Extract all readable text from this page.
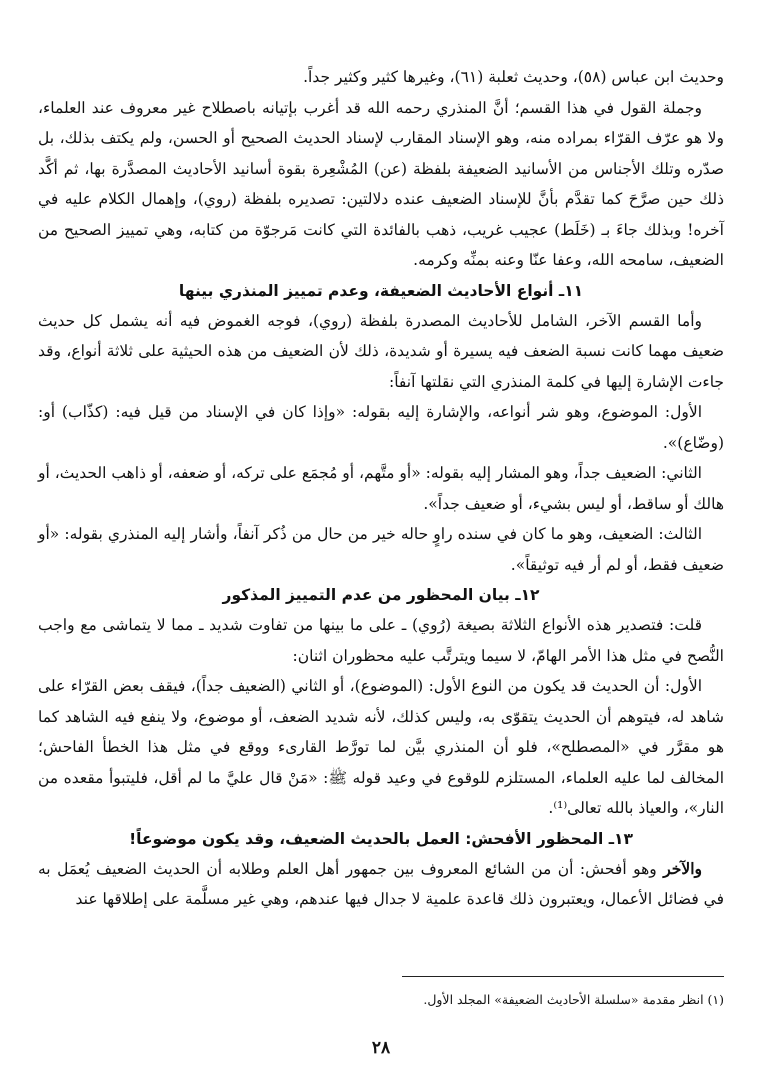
وحديث ابن عباس (٥٨)، وحديث ثعلبة (٦١)، وغيرها كثير وكثير جداً.

وجملة القول في هذا القسم؛ أنَّ المنذري رحمه الله قد أغرب بإتيانه باصطلاح غير معروف عند العلماء، ولا هو عرّف القرّاء بمراده منه، وهو الإسناد المقارب لإسناد الحديث الصحيح أو الحسن، ولم يكتف بذلك، بل صدّره وتلك الأجناس من الأسانيد الضعيفة بلفظة (عن) المُشْعِرة بقوة أسانيد الأحاديث المصدَّرة بها، ثم أكَّد ذلك حين صرَّحَ كما تقدَّم بأنَّ للإسناد الضعيف عنده دلالتين: تصديره بلفظة (روي)، وإهمال الكلام عليه في آخره! وبذلك جاءَ بـ (خَلَط) عجيب غريب، ذهب بالفائدة التي كانت مَرجوّة من كتابه، وهي تمييز الصحيح من الضعيف، سامحه الله، وعفا عنّا وعنه بمنِّه وكرمه.

١١ـ أنواع الأحاديث الضعيفة، وعدم تمييز المنذري بينها

وأما القسم الآخر، الشامل للأحاديث المصدرة بلفظة (روي)، فوجه الغموض فيه أنه يشمل كل حديث ضعيف مهما كانت نسبة الضعف فيه يسيرة أو شديدة، ذلك لأن الضعيف من هذه الحيثية على ثلاثة أنواع، وقد جاءت الإشارة إليها في كلمة المنذري التي نقلتها آنفاً:

الأول: الموضوع، وهو شر أنواعه، والإشارة إليه بقوله: «وإذا كان في الإسناد من قيل فيه: (كذّاب) أو: (وضّاع)».

الثاني: الضعيف جداً، وهو المشار إليه بقوله: «أو متَّهم، أو مُجمَع على تركه، أو ضعفه، أو ذاهب الحديث، أو هالك أو ساقط، أو ليس بشيء، أو ضعيف جداً».

الثالث: الضعيف، وهو ما كان في سنده راوٍ حاله خير من حال من ذُكر آنفاً، وأشار إليه المنذري بقوله: «أو ضعيف فقط، أو لم أر فيه توثيقاً».

١٢ـ بيان المحظور من عدم التمييز المذكور

قلت: فتصدير هذه الأنواع الثلاثة بصيغة (رُوي) ـ على ما بينها من تفاوت شديد ـ مما لا يتماشى مع واجب النُّصح في مثل هذا الأمر الهامّ، لا سيما ويترتَّب عليه محظوران اثنان:

الأول: أن الحديث قد يكون من النوع الأول: (الموضوع)، أو الثاني (الضعيف جداً)، فيقف بعض القرّاء على شاهد له، فيتوهم أن الحديث يتقوّى به، وليس كذلك، لأنه شديد الضعف، أو موضوع، ولا ينفع فيه الشاهد كما هو مقرَّر في «المصطلح»، فلو أن المنذري بيَّن لما تورَّط القارىء ووقع في مثل هذا الخطأ الفاحش؛ المخالف لما عليه العلماء، المستلزم للوقوع في وعيد قوله ﷺ: «مَنْ قال عليَّ ما لم أقل، فليتبوأ مقعده من النار»، والعياذ بالله تعالى⁽¹⁾.

١٣ـ المحظور الأفحش: العمل بالحديث الضعيف، وقد يكون موضوعاً!

والآخر وهو أفحش: أن من الشائع المعروف بين جمهور أهل العلم وطلابه أن الحديث الضعيف يُعمَل به في فضائل الأعمال، ويعتبرون ذلك قاعدة علمية لا جدال فيها عندهم، وهي غير مسلَّمة على إطلاقها عند

(١) انظر مقدمة «سلسلة الأحاديث الضعيفة» المجلد الأول.
٢٨
